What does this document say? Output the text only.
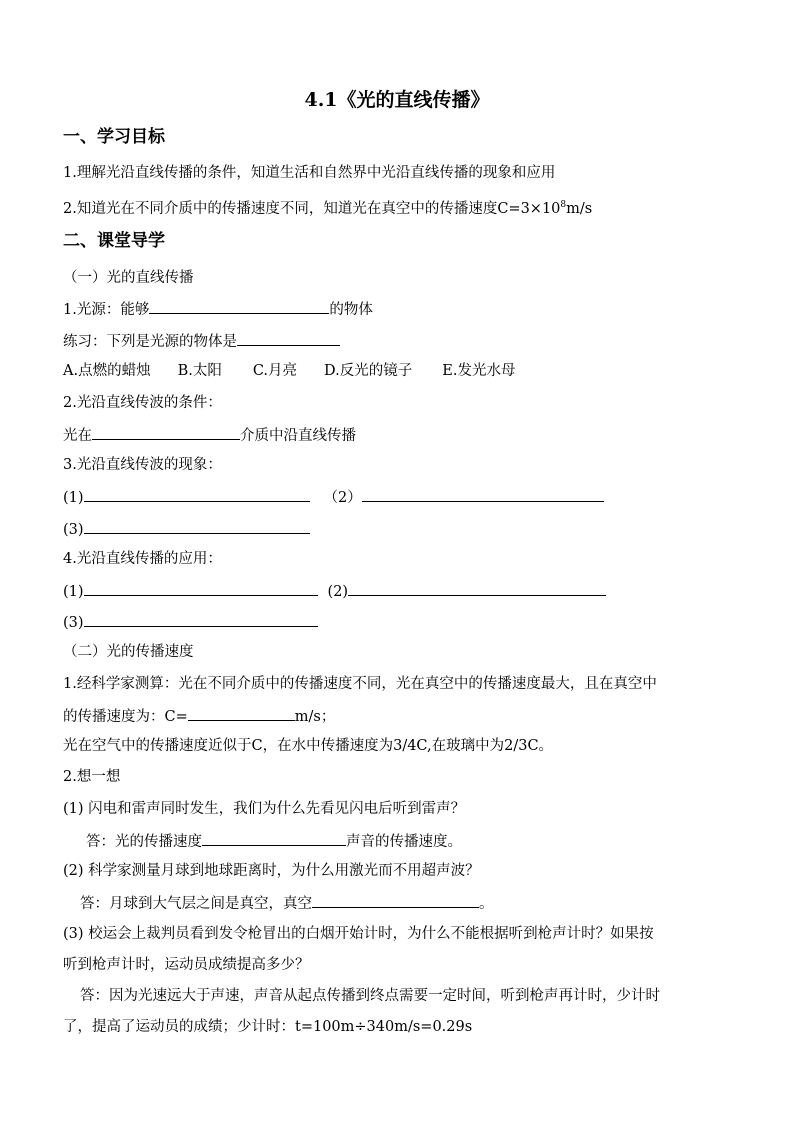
4.1《光的直线传播》
一、学习目标
1.理解光沿直线传播的条件，知道生活和自然界中光沿直线传播的现象和应用
2.知道光在不同介质中的传播速度不同，知道光在真空中的传播速度$C=3\times 10^8m/s$
二、课堂导学
（一）光的直线传播
1.光源：能够	的物体
练习：下列是光源的物体是
A.点燃的蜡烛 B.太阳 C.月亮 D.反光的镜子 E.发光水母
2.光沿直线传波的条件：
光在	介质中沿直线传播
3.光沿直线传波的现象：
(1)	（2）
(3)
4.光沿直线传播的应用：
(1)	(2)
(3)
（二）光的传播速度
1.经科学家测算：光在不同介质中的传播速度不同，光在真空中的传播速度最大，且在真空中
的传播速度为：C=	m/s；
光在空气中的传播速度近似于C，在水中传播速度为3/4C,在玻璃中为2/3C。
2.想一想
(1) 闪电和雷声同时发生，我们为什么先看见闪电后听到雷声？
答：光的传播速度	声音的传播速度。
(2) 科学家测量月球到地球距离时，为什么用激光而不用超声波？
答：月球到大气层之间是真空，真空	。
(3) 校运会上裁判员看到发令枪冒出的白烟开始计时，为什么不能根据听到枪声计时？如果按
听到枪声计时，运动员成绩提高多少？
答：因为光速远大于声速，声音从起点传播到终点需要一定时间，听到枪声再计时，少计时
了，提高了运动员的成绩；少计时：t=100m÷340m/s=0.29s
